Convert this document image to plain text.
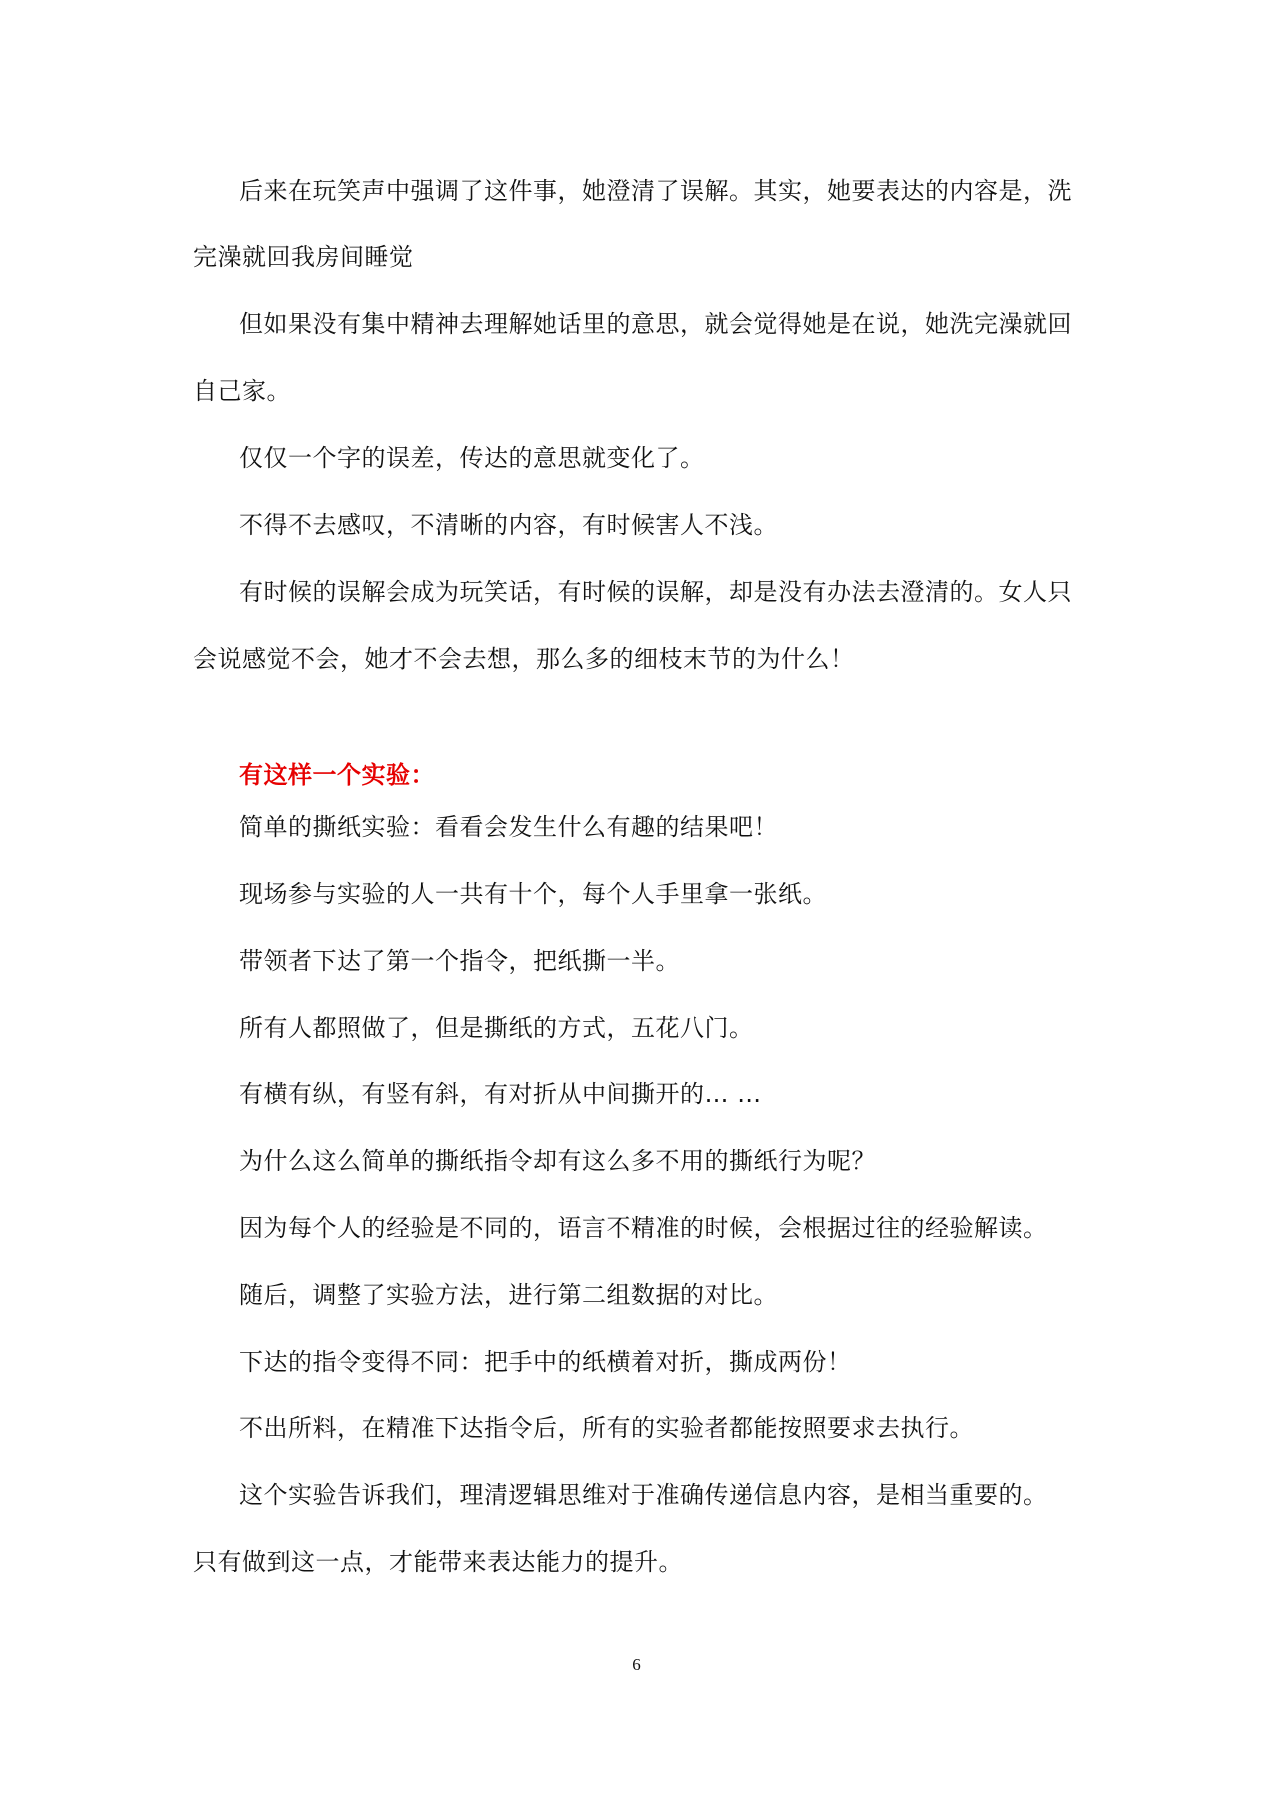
后来在玩笑声中强调了这件事，她澄清了误解。其实，她要表达的内容是，洗
完澡就回我房间睡觉
但如果没有集中精神去理解她话里的意思，就会觉得她是在说，她洗完澡就回
自己家。
仅仅一个字的误差，传达的意思就变化了。
不得不去感叹，不清晰的内容，有时候害人不浅。
有时候的误解会成为玩笑话，有时候的误解，却是没有办法去澄清的。女人只
会说感觉不会，她才不会去想，那么多的细枝末节的为什么！
有这样一个实验：
简单的撕纸实验：看看会发生什么有趣的结果吧！
现场参与实验的人一共有十个，每个人手里拿一张纸。
带领者下达了第一个指令，把纸撕一半。
所有人都照做了，但是撕纸的方式，五花八门。
有横有纵，有竖有斜，有对折从中间撕开的… …
为什么这么简单的撕纸指令却有这么多不用的撕纸行为呢？
因为每个人的经验是不同的，语言不精准的时候，会根据过往的经验解读。
随后，调整了实验方法，进行第二组数据的对比。
下达的指令变得不同：把手中的纸横着对折，撕成两份！
不出所料，在精准下达指令后，所有的实验者都能按照要求去执行。
这个实验告诉我们，理清逻辑思维对于准确传递信息内容，是相当重要的。
只有做到这一点，才能带来表达能力的提升。
6
